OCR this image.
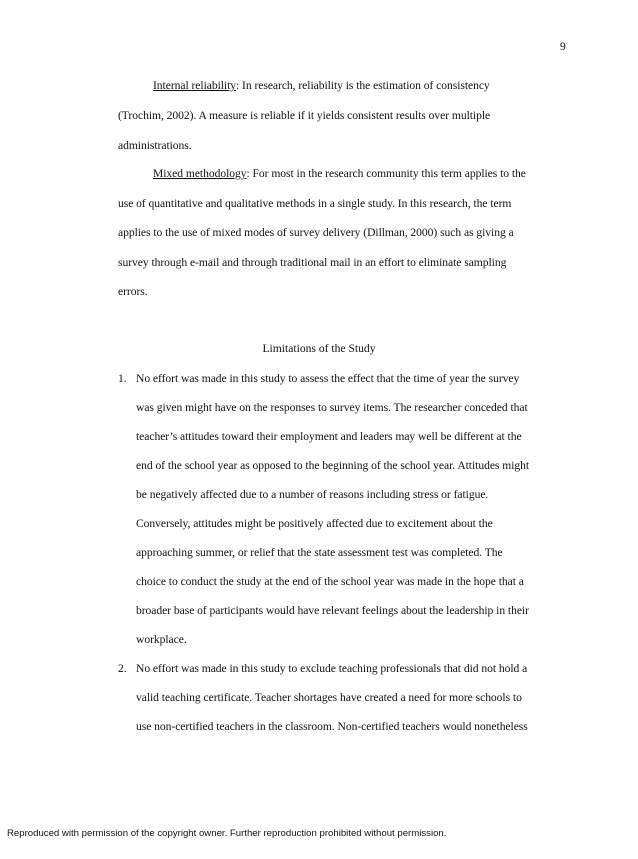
9
Internal reliability: In research, reliability is the estimation of consistency
(Trochim, 2002). A measure is reliable if it yields consistent results over multiple
administrations.
Mixed methodology: For most in the research community this term applies to the
use of quantitative and qualitative methods in a single study. In this research, the term
applies to the use of mixed modes of survey delivery (Dillman, 2000) such as giving a
survey through e-mail and through traditional mail in an effort to eliminate sampling
errors.
Limitations of the Study
1. No effort was made in this study to assess the effect that the time of year the survey
was given might have on the responses to survey items. The researcher conceded that
teacher’s attitudes toward their employment and leaders may well be different at the
end of the school year as opposed to the beginning of the school year. Attitudes might
be negatively affected due to a number of reasons including stress or fatigue.
Conversely, attitudes might be positively affected due to excitement about the
approaching summer, or relief that the state assessment test was completed. The
choice to conduct the study at the end of the school year was made in the hope that a
broader base of participants would have relevant feelings about the leadership in their
workplace.
2. No effort was made in this study to exclude teaching professionals that did not hold a
valid teaching certificate. Teacher shortages have created a need for more schools to
use non-certified teachers in the classroom. Non-certified teachers would nonetheless
Reproduced with permission of the copyright owner. Further reproduction prohibited without permission.
